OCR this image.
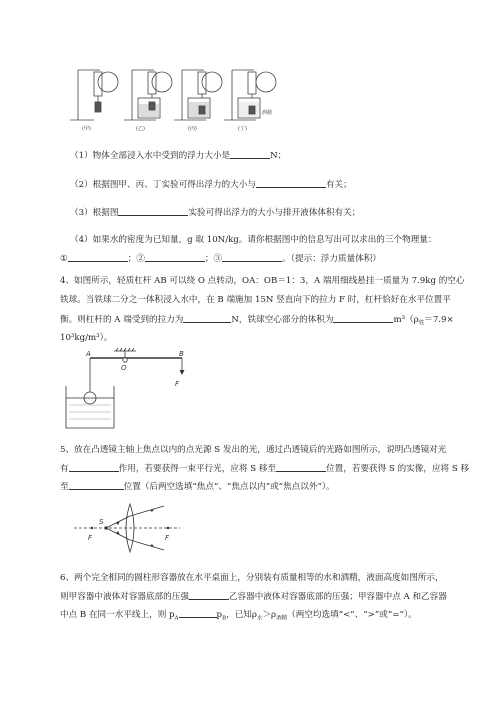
(甲)	(乙)	(丙)	(丁)
酒精
（1）物体全部浸入水中受到的浮力大小是	N；
（2）根据图甲、丙、丁实验可得出浮力的大小与	有关；
（3）根据图	实验可得出浮力的大小与排开液体体积有关；
（4）如果水的密度为已知量，g 取 10N/kg。请你根据图中的信息写出可以求出的三个物理量：
①	；②	；③	。（提示：浮力质量体积）
4、如图所示，轻质杠杆 AB 可以绕 O 点转动，OA：OB＝1：3，A 端用细线悬挂一质量为 7.9kg 的空心
铁球。当铁球二分之一体积浸入水中，在 B 端施加 15N 竖直向下的拉力 F 时，杠杆恰好在水平位置平
衡。则杠杆的 A 端受到的拉力为	N，铁球空心部分的体积为	$m^3(\rho_铁=7.9\times$
10³kg/m³）。
A
O
B
F
5、放在凸透镜主轴上焦点以内的点光源 S 发出的光，通过凸透镜后的光路如图所示，说明凸透镜对光
有	作用，若要获得一束平行光，应将 S 移至	位置，若要获得 S 的实像，应将 S 移
至	位置（后两空选填“焦点”、“焦点以内”或“焦点以外”）。
S
F	F
6、两个完全相同的圆柱形容器放在水平桌面上，分别装有质量相等的水和酒精，液面高度如图所示，
则甲容器中液体对容器底部的压强	乙容器中液体对容器底部的压强；甲容器中点 A 和乙容器
中点 B 在同一水平线上，则 $p_A$	$p_B$，已知$\rho_水>\rho_{酒精}$（两空均选填“<”、“>”或“=”）。
